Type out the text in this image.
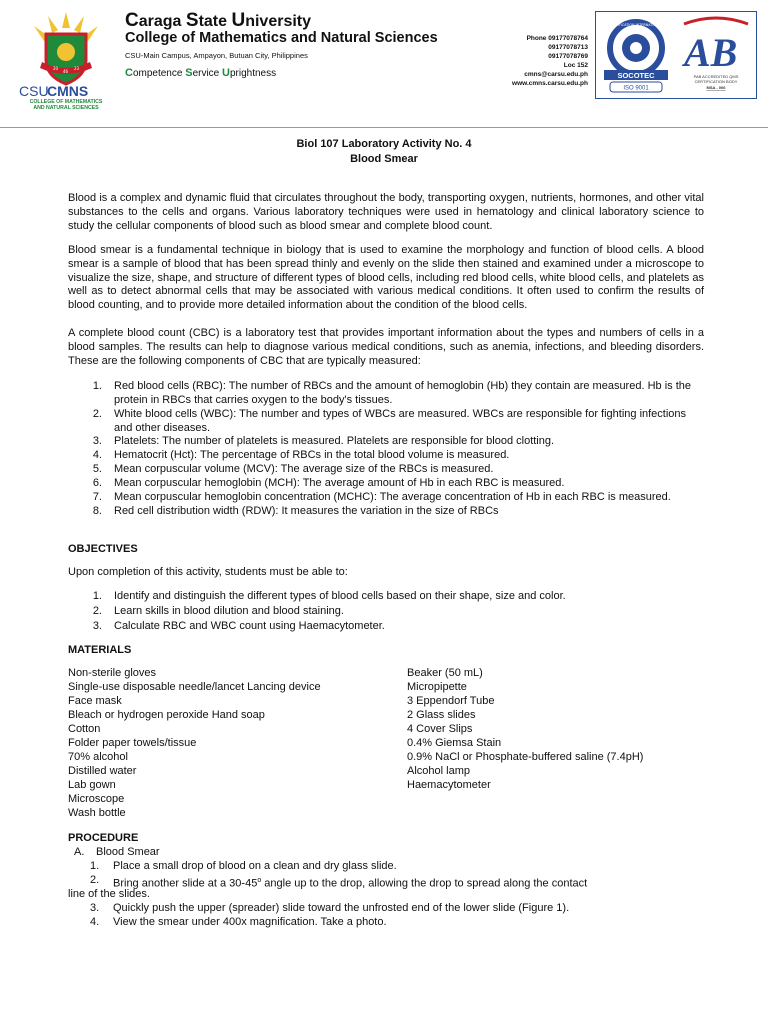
20
46
23
CSU
CMNS
COLLEGE OF MATHEMATICS
AND NATURAL SCIENCES
Caraga State University
College of Mathematics and Natural Sciences
CSU-Main Campus, Ampayon, Butuan City, Philippines
Competence Service Uprightness
Phone 09177078764
09177078713
09177078769
Loc 152
cmns@carsu.edu.ph
www.cmns.carsu.edu.ph
CERTIFICATION INTERNATIONAL
SOCOTEC
ISO 9001
AB
PAB ACCREDITED QMS
CERTIFICATION BODY
MSA - 006
Biol 107 Laboratory Activity No. 4
Blood Smear
Blood is a complex and dynamic fluid that circulates throughout the body, transporting oxygen, nutrients, hormones, and other vital substances to the cells and organs. Various laboratory techniques were used in hematology and clinical laboratory science to study the cellular components of blood such as blood smear and complete blood count.
Blood smear is a fundamental technique in biology that is used to examine the morphology and function of blood cells. A blood smear is a sample of blood that has been spread thinly and evenly on the slide then stained and examined under a microscope to visualize the size, shape, and structure of different types of blood cells, including red blood cells, white blood cells, and platelets as well as to detect abnormal cells that may be associated with various medical conditions. It often used to confirm the results of blood counting, and to provide more detailed information about the condition of the blood cells.
A complete blood count (CBC) is a laboratory test that provides important information about the types and numbers of cells in a blood samples. The results can help to diagnose various medical conditions, such as anemia, infections, and bleeding disorders. These are the following components of CBC that are typically measured:
1. Red blood cells (RBC): The number of RBCs and the amount of hemoglobin (Hb) they contain are measured. Hb is the protein in RBCs that carries oxygen to the body's tissues.
2. White blood cells (WBC): The number and types of WBCs are measured. WBCs are responsible for fighting infections and other diseases.
3. Platelets: The number of platelets is measured. Platelets are responsible for blood clotting.
4. Hematocrit (Hct): The percentage of RBCs in the total blood volume is measured.
5. Mean corpuscular volume (MCV): The average size of the RBCs is measured.
6. Mean corpuscular hemoglobin (MCH): The average amount of Hb in each RBC is measured.
7. Mean corpuscular hemoglobin concentration (MCHC): The average concentration of Hb in each RBC is measured.
8. Red cell distribution width (RDW): It measures the variation in the size of RBCs
OBJECTIVES
Upon completion of this activity, students must be able to:
1. Identify and distinguish the different types of blood cells based on their shape, size and color.
2. Learn skills in blood dilution and blood staining.
3. Calculate RBC and WBC count using Haemacytometer.
MATERIALS
Non-sterile gloves
Single-use disposable needle/lancet Lancing device
Face mask
Bleach or hydrogen peroxide Hand soap
Cotton
Folder paper towels/tissue
70% alcohol
Distilled water
Lab gown
Microscope
Wash bottle
Beaker (50 mL)
Micropipette
3 Eppendorf Tube
2 Glass slides
4 Cover Slips
0.4% Giemsa Stain
0.9% NaCl or Phosphate-buffered saline (7.4pH)
Alcohol lamp
Haemacytometer
PROCEDURE
A. Blood Smear
1. Place a small drop of blood on a clean and dry glass slide.
2. Bring another slide at a 30-45$^o$ angle up to the drop, allowing the drop to spread along the contact
line of the slides.
3. Quickly push the upper (spreader) slide toward the unfrosted end of the lower slide (Figure 1).
4. View the smear under 400x magnification. Take a photo.
